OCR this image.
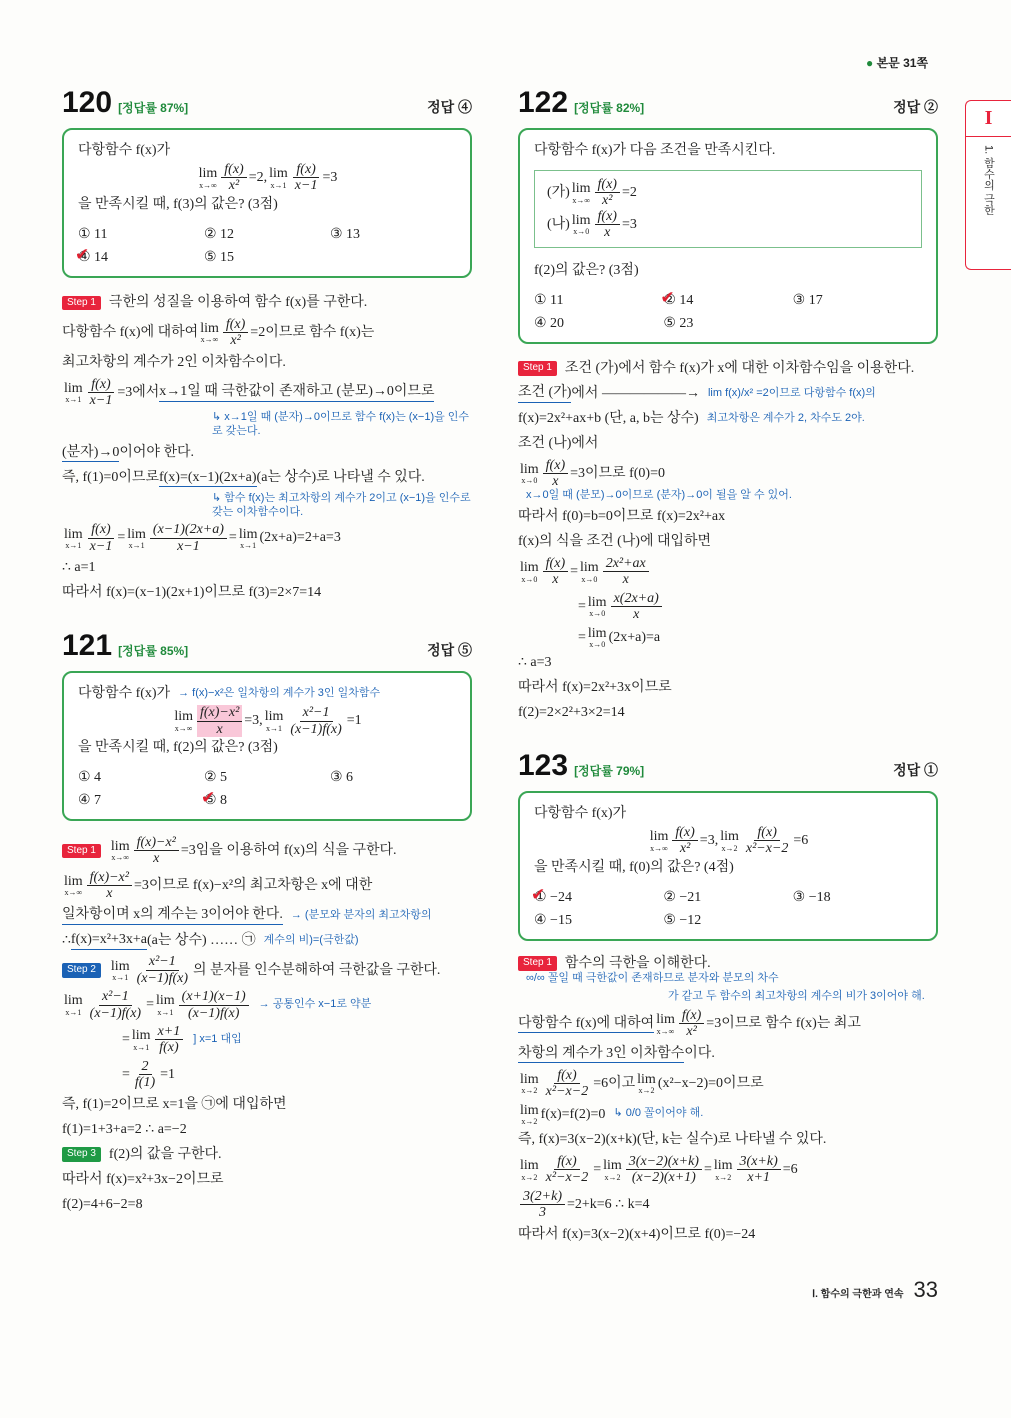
● 본문 31쪽
I
1. 함수의 극한
120 [정답률 87%]	정답 ④
다항함수 f(x)가
lim
$x\to\infty \frac{f(x)}{\text{x²}} =2$, lim
$x\to 1 \frac{f(x)}{x-1} =3$
을 만족시킬 때, f(3)의 값은? (3점)
① 11	② 12	③ 13
✔ ④ 14	⑤ 15
Step 1 극한의 성질을 이용하여 함수 f(x)를 구한다.
다항함수 f(x)에 대하여 lim
$x\to\infty \frac{f(x)}{\text{x²}} =2$이므로 함수 f(x)는
최고차항의 계수가 2인 이차함수이다.
lim
$x\to 1 \frac{f(x)}{x-1} =3$에서 x→1일 때 극한값이 존재하고 (분모)→0이므로
↳ x→1일 때 (분자)→0이므로 함수 f(x)는 (x−1)을 인수로 갖는다.
(분자)→0 이어야 한다.
즉, f(1)=0이므로 f(x)=(x−1)(2x+a) (a는 상수)로 나타낼 수 있다.
↳ 함수 f(x)는 최고차항의 계수가 2이고 (x−1)을 인수로 갖는 이차함수이다.
lim
$x\to 1 \frac{f(x)}{x-1} = \lim$
$x\to 1 \frac{(x-1)(2x+a)}{x-1} = \lim$
x→1 (2x+a)=2+a=3
∴ a=1
따라서 f(x)=(x−1)(2x+1)이므로 f(3)=2×7=14
121 [정답률 85%]	정답 ⑤
다항함수 f(x)가 → f(x)−x²은 일차항의 계수가 3인 일차함수
lim
$x\to\infty \frac{\text{f(x)−x²}}{x} =3$, lim
$x\to 1 \frac{\text{x²−1}}{(x-1)f(x)} =1$
을 만족시킬 때, f(2)의 값은? (3점)
① 4	② 5	③ 6
④ 7	✔ ⑤ 8
Step 1	lim
$x\to\infty \frac{\text{f(x)−x²}}{x} =3$임을 이용하여 f(x)의 식을 구한다.
lim
$x\to\infty \frac{\text{f(x)−x²}}{x} =3$이므로 f(x)−x²의 최고차항은 x에 대한
일차항이며 x의 계수는 3이어야 한다. → (분모와 분자의 최고차항의
∴ f(x)=x²+3x+a (a는 상수) …… ㉠ 계수의 비)=(극한값)
Step 2	lim
$x\to 1 \frac{\text{x²−1}}{(x-1)f(x)}$ 의 분자를 인수분해하여 극한값을 구한다.
lim
$x\to 1 \frac{\text{x²−1}}{(x-1)f(x)} = \lim$
$x\to 1 \frac{(x+1)(x-1)}{(x-1)f(x)}$ → 공통인수 x−1로 약분
= lim
$x\to 1 \frac{x+1}{f(x)}$ ] x=1 대입
= $\frac{2}{f(1)} =1$
즉, f(1)=2이므로 x=1을 ㉠에 대입하면
f(1)=1+3+a=2 ∴ a=−2
Step 3 f(2)의 값을 구한다.
따라서 f(x)=x²+3x−2이므로
f(2)=4+6−2=8
122 [정답률 82%]	정답 ②
다항함수 f(x)가 다음 조건을 만족시킨다.
(가) lim
$x\to\infty \frac{f(x)}{\text{x²}} =2$
(나) lim
$x\to 0 \frac{f(x)}{x} =3$
f(2)의 값은? (3점)
① 11	✔ ② 14	③ 17
④ 20	⑤ 23
Step 1 조건 (가)에서 함수 f(x)가 x에 대한 이차함수임을 이용한다.
조건 (가) 에서 ——————→ lim f(x)/x² =2이므로 다항함수 f(x)의
f(x)=2x²+ax+b (단, a, b는 상수) 최고차항은 계수가 2, 차수도 2야.
조건 (나)에서
lim
$x\to 0 \frac{f(x)}{x} =3$이므로 f(0)=0
x→0일 때 (분모)→0이므로 (분자)→0이 될을 알 수 있어.
따라서 f(0)=b=0이므로 f(x)=2x²+ax
f(x)의 식을 조건 (나)에 대입하면
lim
$x\to 0 \frac{f(x)}{x} = \lim$
$x\to 0 \frac{\text{2x²+ax}}{x}$
= lim
$x\to 0 \frac{x(2x+a)}{x}$
= lim
x→0 (2x+a)=a
∴ a=3
따라서 f(x)=2x²+3x이므로
f(2)=2×2²+3×2=14
123 [정답률 79%]	정답 ①
다항함수 f(x)가
lim
$x\to\infty \frac{f(x)}{\text{x²}} =3$, lim
$x\to 2 \frac{f(x)}{\text{x²−x−2}} =6$
을 만족시킬 때, f(0)의 값은? (4점)
✔ ① −24	② −21	③ −18
④ −15	⑤ −12
Step 1 함수의 극한을 이해한다.
∞/∞ 꼴일 때 극한값이 존재하므로 분자와 분모의 차수
가 같고 두 함수의 최고차항의 계수의 비가 3이어야 해.
다항함수 f(x)에 대하여 lim
$x\to\infty \frac{f(x)}{\text{x²}} =3$이므로 함수 f(x)는 최고
차항의 계수가 3인 이차함수 이다.
lim
$x\to 2 \frac{f(x)}{\text{x²−x−2}} =6$이고 lim
x→2 (x²−x−2)=0이므로
lim
x→2 f(x)=f(2)=0 ↳ 0/0 꼴이어야 해.
즉, f(x)=3(x−2)(x+k)(단, k는 실수)로 나타낼 수 있다.
lim
$x\to 2 \frac{f(x)}{\text{x²−x−2}} = \lim$
$x\to 2 \frac{3(x-2)(x+k)}{(x-2)(x+1)} = \lim$
$x\to 2 \frac{3(x+k)}{x+1} =6$
$\frac{3(2+k)}{3} =2+k=6$ ∴ k=4
따라서 f(x)=3(x−2)(x+4)이므로 f(0)=−24
Ⅰ. 함수의 극한과 연속 33
